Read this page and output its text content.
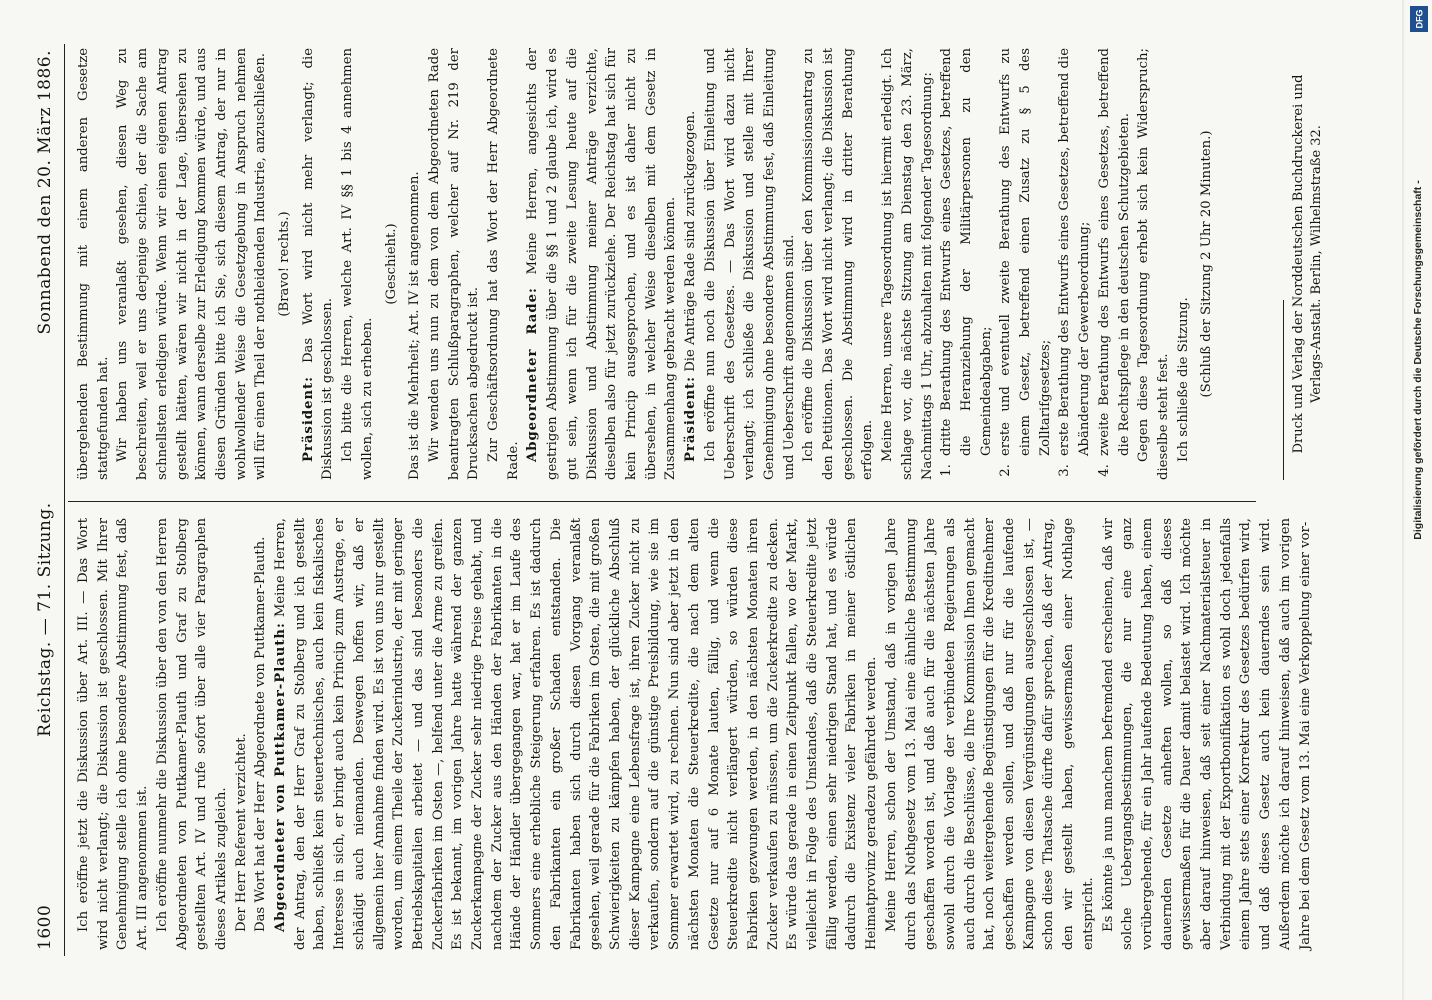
1600
Reichstag. — 71. Sitzung.
Sonnabend den 20. März 1886.

Ich eröffne jetzt die Diskussion über Art. III. — Das Wort wird nicht verlangt; die Diskussion ist geschlossen. Mit Ihrer Genehmigung stelle ich ohne besondere Abstimmung fest, daß Art. III angenommen ist. Ich eröffne nunmehr die Diskussion über den von den Herren Abgeordneten von Puttkamer-Plauth und Graf zu Stolberg gestellten Art. IV und rufe sofort über alle vier Paragraphen dieses Artikels zugleich. Der Herr Referent verzichtet. Das Wort hat der Herr Abgeordnete von Puttkamer-Plauth. Abgeordneter von Puttkamer-Plauth: Meine Herren, der Antrag, den der Herr Graf zu Stolberg und ich gestellt haben, schließt kein steuertechnisches, auch kein fiskalisches Interesse in sich, er bringt auch kein Princip zum Austrage, er schädigt auch niemanden. Deswegen hoffen wir, daß er allgemein hier Annahme finden wird. Es ist von uns nur gestellt worden, um einem Theile der Zuckerindustrie, der mit geringer Betriebskapitalien arbeitet — und das sind besonders die Zuckerfabriken im Osten —, helfend unter die Arme zu greifen. Es ist bekannt, im vorigen Jahre hatte während der ganzen Zuckerkampagne der Zucker sehr niedrige Preise gehabt, und nachdem der Zucker aus den Händen der Fabrikanten in die Hände der Händler übergegangen war, hat er im Laufe des Sommers eine erhebliche Steigerung erfahren. Es ist dadurch den Fabrikanten ein großer Schaden entstanden. Die Fabrikanten haben sich durch diesen Vorgang veranlaßt gesehen, weil gerade für die Fabriken im Osten, die mit großen Schwierigkeiten zu kämpfen haben, der glückliche Abschluß dieser Kampagne eine Lebensfrage ist, ihren Zucker nicht zu verkaufen, sondern auf die günstige Preisbildung, wie sie im Sommer erwartet wird, zu rechnen. Nun sind aber jetzt in den nächsten Monaten die Steuerkredite, die nach dem alten Gesetze nur auf 6 Monate lauten, fällig, und wenn die Steuerkredite nicht verlängert würden, so würden diese Fabriken gezwungen werden, in den nächsten Monaten ihren Zucker verkaufen zu müssen, um die Zuckerkredite zu decken. Es würde das gerade in einen Zeitpunkt fallen, wo der Markt, vielleicht in Folge des Umstandes, daß die Steuerkredite jetzt fällig werden, einen sehr niedrigen Stand hat, und es würde dadurch die Existenz vieler Fabriken in meiner östlichen Heimatprovinz geradezu gefährdet werden. Meine Herren, schon der Umstand, daß in vorigen Jahre durch das Nothgesetz vom 13. Mai eine ähnliche Bestimmung geschaffen worden ist, und daß auch für die nächsten Jahre sowohl durch die Vorlage der verbündeten Regierungen als auch durch die Beschlüsse, die Ihre Kommission Ihnen gemacht hat, noch weitergehende Begünstigungen für die Kreditnehmer geschaffen werden sollen, und daß nur für die laufende Kampagne von diesen Vergünstigungen ausgeschlossen ist, — schon diese Thatsache dürfte dafür sprechen, daß der Antrag, den wir gestellt haben, gewissermaßen einer Nothlage entspricht. Es könnte ja nun manchem befremdend erscheinen, daß wir solche Uebergangsbestimmungen, die nur eine ganz vorübergehende, für ein Jahr laufende Bedeutung haben, einem dauernden Gesetze anheften wollen, so daß dieses gewissermaßen für die Dauer damit belastet wird. Ich möchte aber darauf hinweisen, daß seit einer Nachmaterialsteuer in Verbindung mit der Exportbonifikation es wohl doch jedenfalls einem Jahre stets einer Korrektur des Gesetzes bedürfen wird, und daß dieses Gesetz auch kein dauerndes sein wird. Außerdem möchte ich darauf hinweisen, daß auch im vorigen Jahre bei dem Gesetz vom 13. Mai eine Verkoppelung einer vor-

übergehenden Bestimmung mit einem anderen Gesetze stattgefunden hat. Wir haben uns veranlaßt gesehen, diesen Weg zu beschreiten, weil er uns derjenige schien, der die Sache am schnellsten erledigen würde. Wenn wir einen eigenen Antrag gestellt hätten, wären wir nicht in der Lage, übersehen zu können, wann derselbe zur Erledigung kommen würde, und aus diesen Gründen bitte ich Sie, sich diesem Antrag, der nur in wohlwollender Weise die Gesetzgebung in Anspruch nehmen will für einen Theil der nothleidenden Industrie, anzuschließen. (Bravo! rechts.)

Präsident: Das Wort wird nicht mehr verlangt; die Diskussion ist geschlossen. Ich bitte die Herren, welche Art. IV §§ 1 bis 4 annehmen wollen, sich zu erheben.

(Geschieht.) Das ist die Mehrheit; Art. IV ist angenommen. Wir wenden uns nun zu dem von dem Abgeordneten Rade beantragten Schlußparagraphen, welcher auf Nr. 219 der Drucksachen abgedruckt ist. Zur Geschäftsordnung hat das Wort der Herr Abgeordnete Rade. Abgeordneter Rade: Meine Herren, angesichts der gestrigen Abstimmung über die §§ 1 und 2 glaube ich, wird es gut sein, wenn ich für die zweite Lesung heute auf die Diskussion und Abstimmung meiner Anträge verzichte, dieselben also für jetzt zurückziehe. Der Reichstag hat sich für kein Princip ausgesprochen, und es ist daher nicht zu übersehen, in welcher Weise dieselben mit dem Gesetz in Zusammenhang gebracht werden können. Präsident: Die Anträge Rade sind zurückgezogen. Ich eröffne nun noch die Diskussion über Einleitung und Ueberschrift des Gesetzes. — Das Wort wird dazu nicht verlangt; ich schließe die Diskussion und stelle mit Ihrer Genehmigung ohne besondere Abstimmung fest, daß Einleitung und Ueberschrift angenommen sind. Ich eröffne die Diskussion über den Kommissionsantrag zu den Petitionen. Das Wort wird nicht verlangt; die Diskussion ist geschlossen. Die Abstimmung wird in dritter Berathung erfolgen. Meine Herren, unsere Tagesordnung ist hiermit erledigt. Ich schlage vor, die nächste Sitzung am Dienstag den 23. März, Nachmittags 1 Uhr, abzuhalten mit folgender Tagesordnung: 1. dritte Berathung des Entwurfs eines Gesetzes, betreffend die Heranziehung der Militärpersonen zu den Gemeindeabgaben; 2. erste und eventuell zweite Berathung des Entwurfs zu einem Gesetz, betreffend einen Zusatz zu § 5 des Zolltarifgesetzes; 3. erste Berathung des Entwurfs eines Gesetzes, betreffend die Abänderung der Gewerbeordnung; 4. zweite Berathung des Entwurfs eines Gesetzes, betreffend die Rechtspflege in den deutschen Schutzgebieten. Gegen diese Tagesordnung erhebt sich kein Widerspruch; dieselbe steht fest. Ich schließe die Sitzung. (Schluß der Sitzung 2 Uhr 20 Minuten.)	Druck und Verlag der Norddeutschen Buchdruckerei und Verlags-Anstalt. Berlin, Wilhelmstraße 32.	Digitalisierung gefördert durch die Deutsche Forschungsgemeinschaft -
DFG
